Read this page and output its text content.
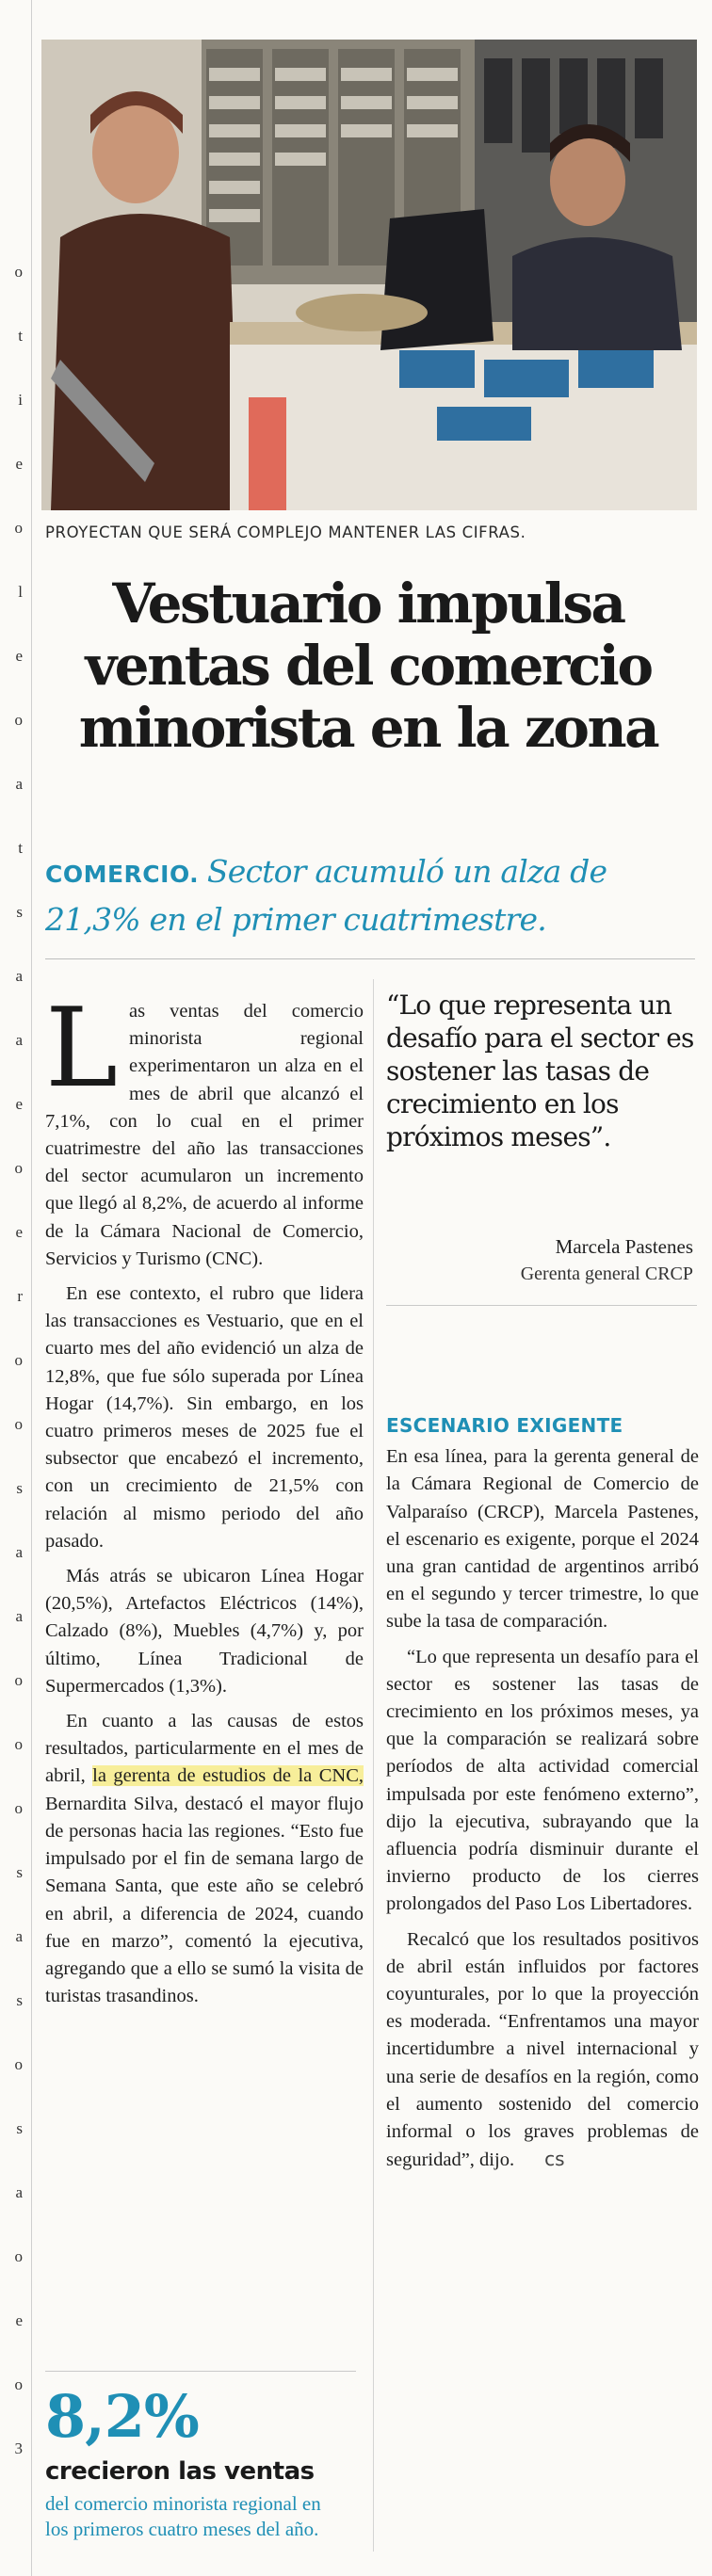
o
t
i
e
o
l
e
o
a
t
s
a
a
e
o
e
r
o
o
s
a
a
o
o
o
s
a
s
o
s
a
o
e
o
3
PROYECTAN QUE SERÁ COMPLEJO MANTENER LAS CIFRAS.
Vestuario impulsa ventas del comercio minorista en la zona
COMERCIO. Sector acumuló un alza de 21,3% en el primer cuatrimestre.

Las ventas del comercio minorista regional experimentaron un alza en el mes de abril que alcanzó el 7,1%, con lo cual en el primer cuatrimestre del año las transacciones del sector acumularon un incremento que llegó al 8,2%, de acuerdo al informe de la Cámara Nacional de Comercio, Servicios y Turismo (CNC).

En ese contexto, el rubro que lidera las transacciones es Vestuario, que en el cuarto mes del año evidenció un alza de 12,8%, que fue sólo superada por Línea Hogar (14,7%). Sin embargo, en los cuatro primeros meses de 2025 fue el subsector que encabezó el incremento, con un crecimiento de 21,5% con relación al mismo periodo del año pasado.

Más atrás se ubicaron Línea Hogar (20,5%), Artefactos Eléctricos (14%), Calzado (8%), Muebles (4,7%) y, por último, Línea Tradicional de Supermercados (1,3%).

En cuanto a las causas de estos resultados, particularmente en el mes de abril, la gerenta de estudios de la CNC, Bernardita Silva, destacó el mayor flujo de personas hacia las regiones. “Esto fue impulsado por el fin de semana largo de Semana Santa, que este año se celebró en abril, a diferencia de 2024, cuando fue en marzo”, comentó la ejecutiva, agregando que a ello se sumó la visita de turistas trasandinos.

“Lo que representa un desafío para el sector es sostener las tasas de crecimiento en los próximos meses”.
Marcela Pastenes
Gerenta general CRCP
ESCENARIO EXIGENTE

En esa línea, para la gerenta general de la Cámara Regional de Comercio de Valparaíso (CRCP), Marcela Pastenes, el escenario es exigente, porque el 2024 una gran cantidad de argentinos arribó en el segundo y tercer trimestre, lo que sube la tasa de comparación.

“Lo que representa un desafío para el sector es sostener las tasas de crecimiento en los próximos meses, ya que la comparación se realizará sobre períodos de alta actividad comercial impulsada por este fenómeno externo”, dijo la ejecutiva, subrayando que la afluencia podría disminuir durante el invierno producto de los cierres prolongados del Paso Los Libertadores.

Recalcó que los resultados positivos de abril están influidos por factores coyunturales, por lo que la proyección es moderada. “Enfrentamos una mayor incertidumbre a nivel internacional y una serie de desafíos en la región, como el aumento sostenido del comercio informal o los graves problemas de seguridad”, dijo. cs

8,2%
crecieron las ventas
del comercio minorista regional en los primeros cuatro meses del año.
